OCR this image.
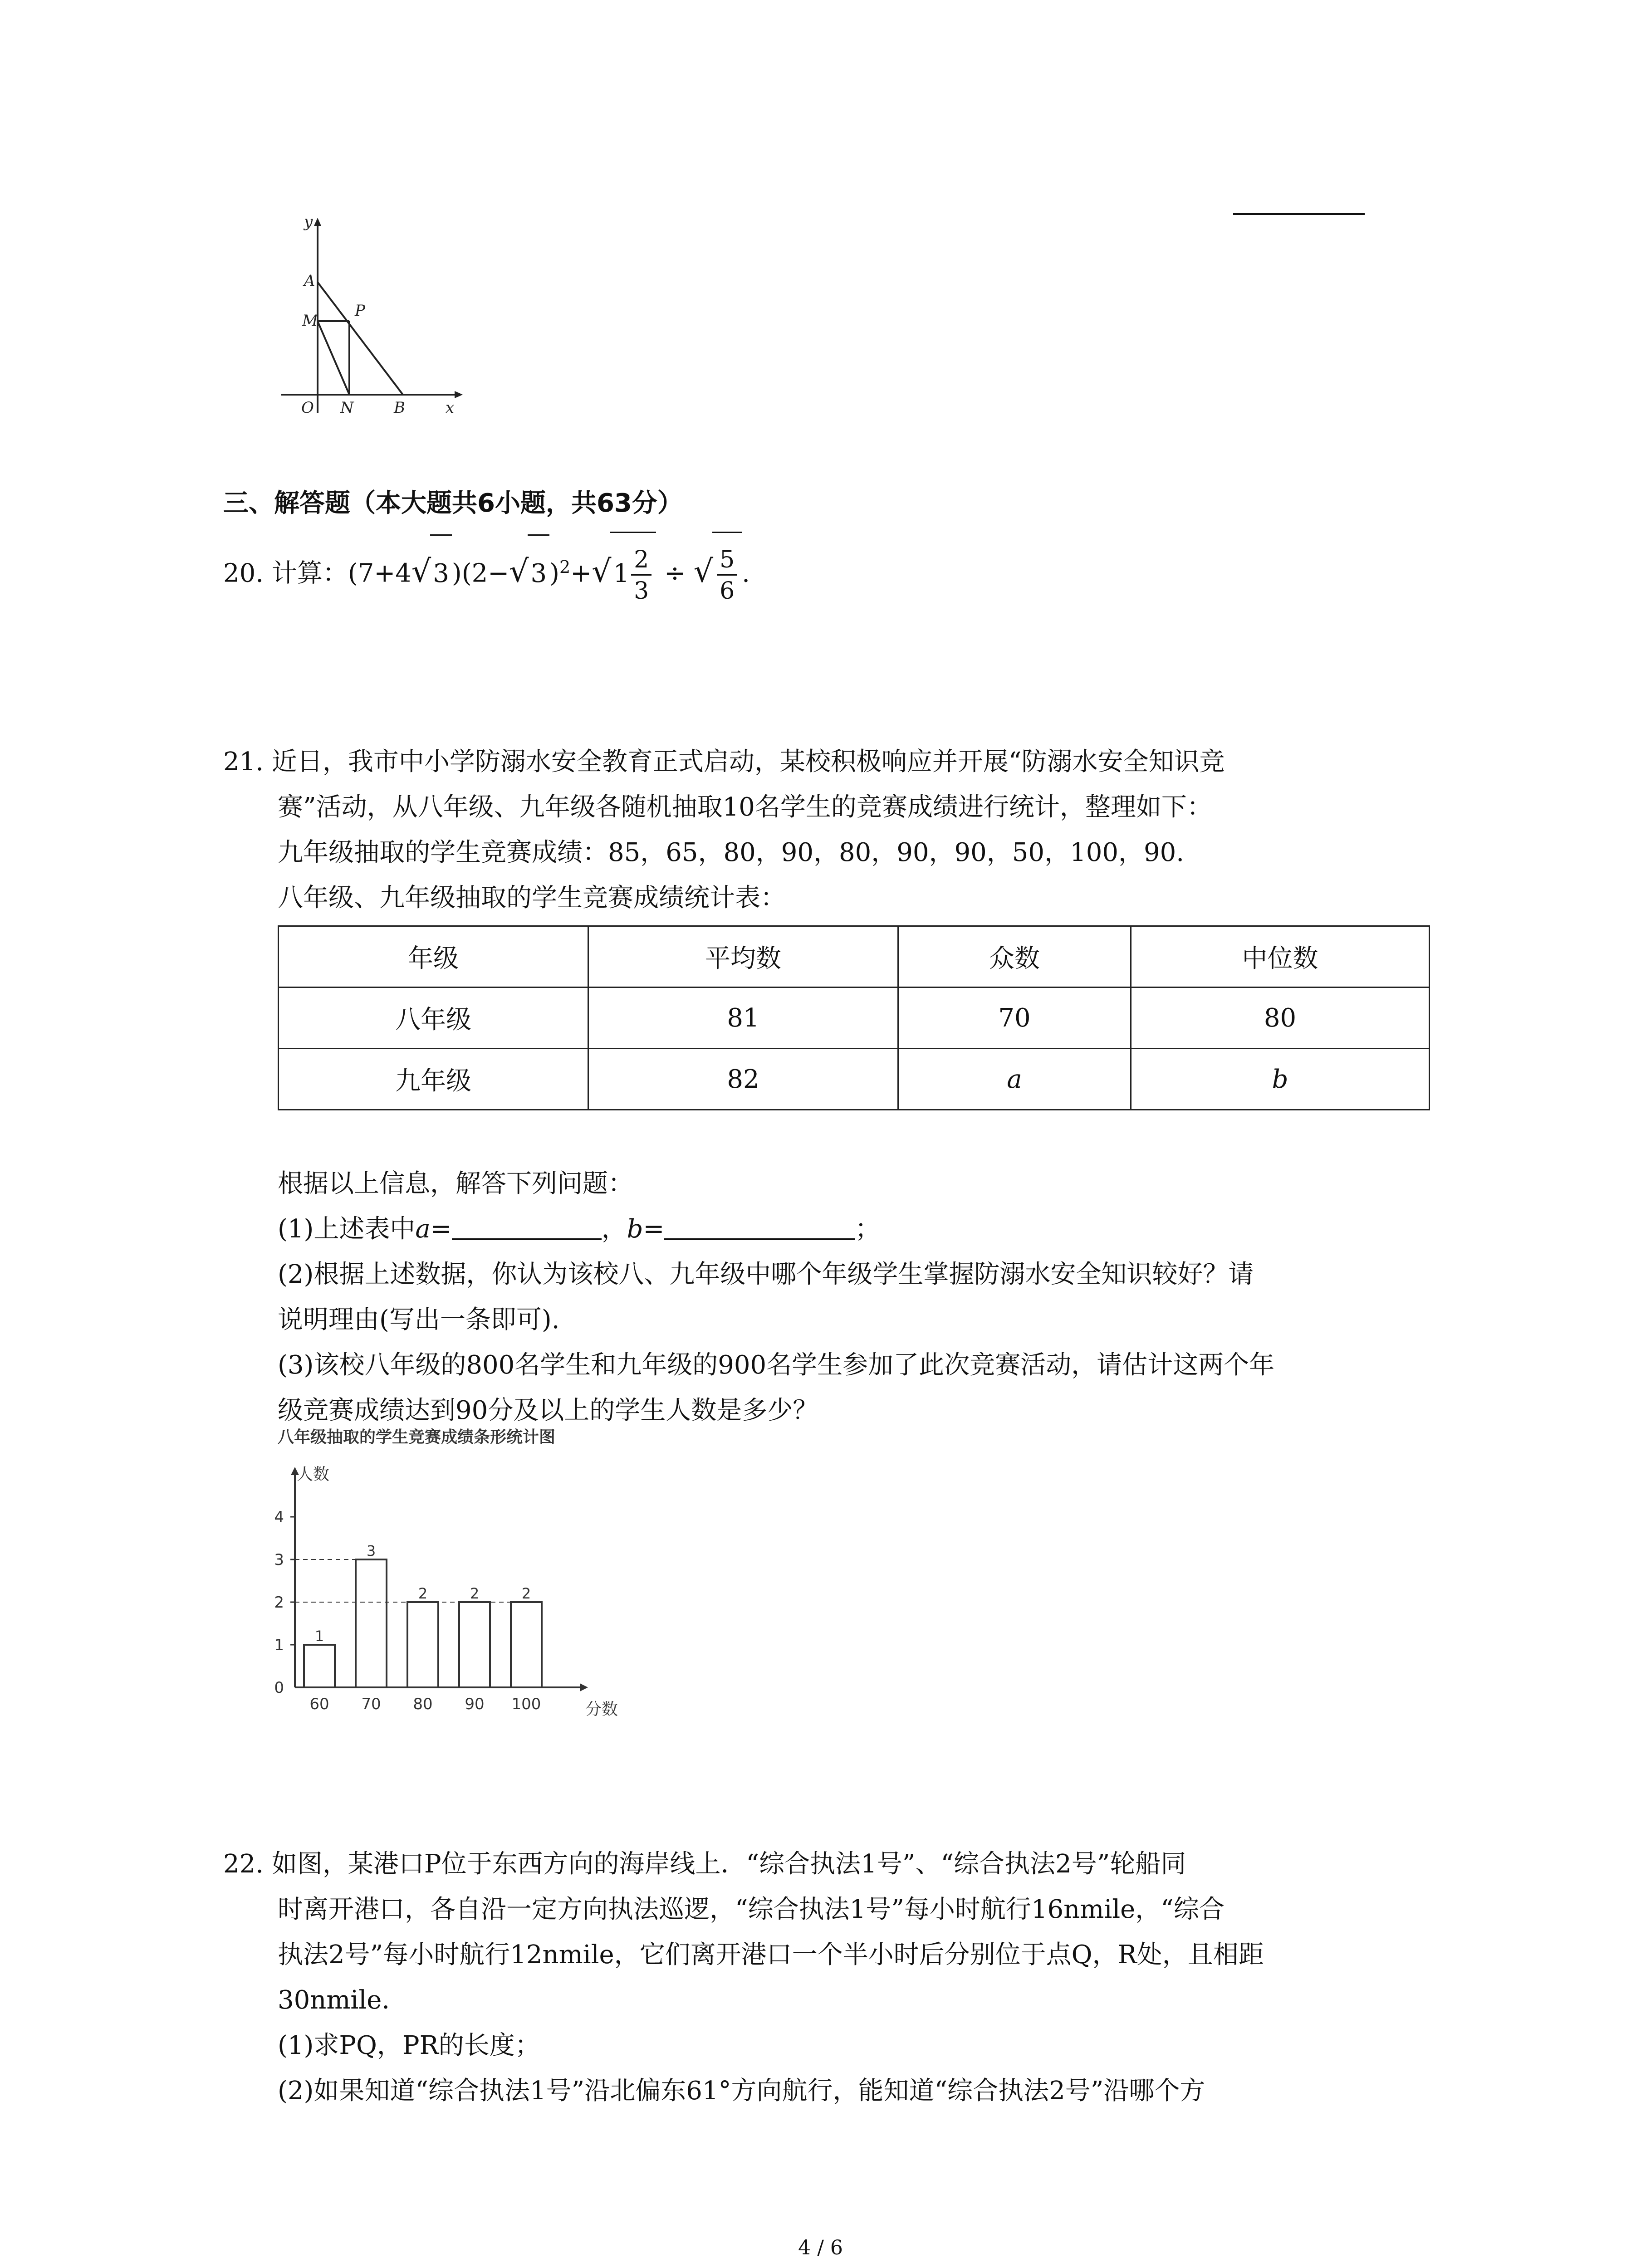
y
x
A
M
P
O N	B
三、解答题（本大题共6小题，共63分）
20. 计算：(7+4√3 )(2−√3 )$^2+√1 \frac{2}{3}$ ÷ √ $\frac{5}{6}$ .
21. 近日，我市中小学防溺水安全教育正式启动，某校积极响应并开展“防溺水安全知识竞
赛”活动，从八年级、九年级各随机抽取10名学生的竞赛成绩进行统计，整理如下：
九年级抽取的学生竞赛成绩：85，65，80，90，80，90，90，50，100，90.
八年级、九年级抽取的学生竞赛成绩统计表：
年级	平均数	众数	中位数
八年级	81	70	80
九年级	82	a	b
根据以上信息，解答下列问题：
(1)上述表中a=	，b=	；
(2)根据上述数据，你认为该校八、九年级中哪个年级学生掌握防溺水安全知识较好？请
说明理由(写出一条即可).
(3)该校八年级的800名学生和九年级的900名学生参加了此次竞赛活动，请估计这两个年
级竞赛成绩达到90分及以上的学生人数是多少？
八年级抽取的学生竞赛成绩条形统计图
0
1
2
3
4
人数
分数
1
60
3
70
2
80
2
90
2
100
22. 如图，某港口P位于东西方向的海岸线上．“综合执法1号”、“综合执法2号”轮船同
时离开港口，各自沿一定方向执法巡逻，“综合执法1号”每小时航行16nmile，“综合
执法2号”每小时航行12nmile，它们离开港口一个半小时后分别位于点Q，R处，且相距
30nmile．
(1)求PQ，PR的长度；
(2)如果知道“综合执法1号”沿北偏东61°方向航行，能知道“综合执法2号”沿哪个方
4 / 6
